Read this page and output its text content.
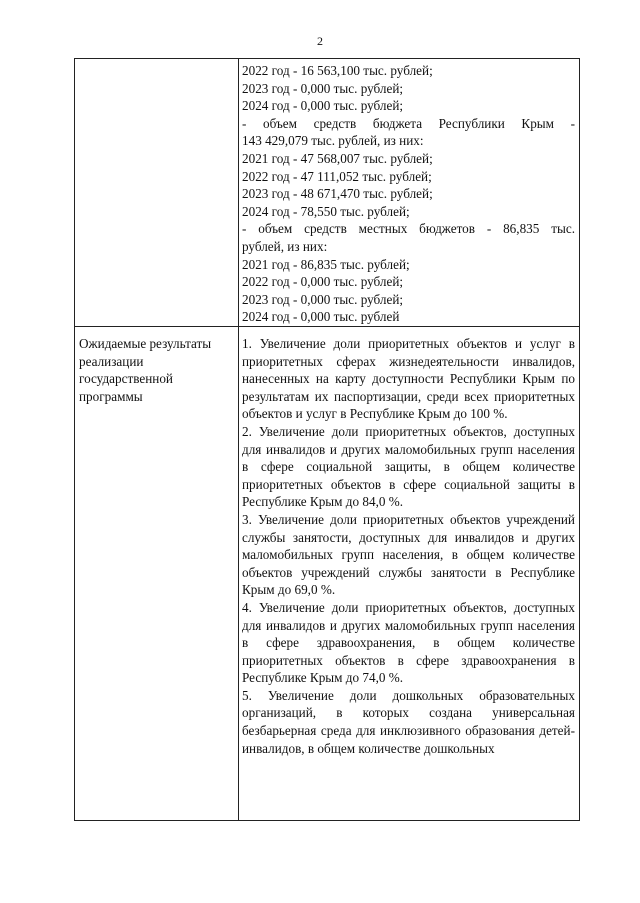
2
2022 год - 16 563,100 тыс. рублей;
2023 год - 0,000 тыс. рублей;
2024 год - 0,000 тыс. рублей;
- объем средств бюджета Республики Крым -
143 429,079 тыс. рублей, из них:
2021 год - 47 568,007 тыс. рублей;
2022 год - 47 111,052 тыс. рублей;
2023 год - 48 671,470 тыс. рублей;
2024 год - 78,550 тыс. рублей;
- объем средств местных бюджетов - 86,835 тыс.
рублей, из них:
2021 год - 86,835 тыс. рублей;
2022 год - 0,000 тыс. рублей;
2023 год - 0,000 тыс. рублей;
2024 год - 0,000 тыс. рублей
Ожидаемые результаты
реализации
государственной
программы

1. Увеличение доли приоритетных объектов и услуг в приоритетных сферах жизнедеятельности инвалидов, нанесенных на карту доступности Республики Крым по результатам их паспортизации, среди всех приоритетных объектов и услуг в Республике Крым до 100 %.

2. Увеличение доли приоритетных объектов, доступных для инвалидов и других маломобильных групп населения в сфере социальной защиты, в общем количестве приоритетных объектов в сфере социальной защиты в Республике Крым до 84,0 %.

3. Увеличение доли приоритетных объектов учреждений службы занятости, доступных для инвалидов и других маломобильных групп населения, в общем количестве объектов учреждений службы занятости в Республике Крым до 69,0 %.

4. Увеличение доли приоритетных объектов, доступных для инвалидов и других маломобильных групп населения в сфере здравоохранения, в общем количестве приоритетных объектов в сфере здравоохранения в Республике Крым до 74,0 %.

5. Увеличение доли дошкольных образовательных организаций, в которых создана универсальная безбарьерная среда для инклюзивного образования детей-инвалидов, в общем количестве дошкольных
